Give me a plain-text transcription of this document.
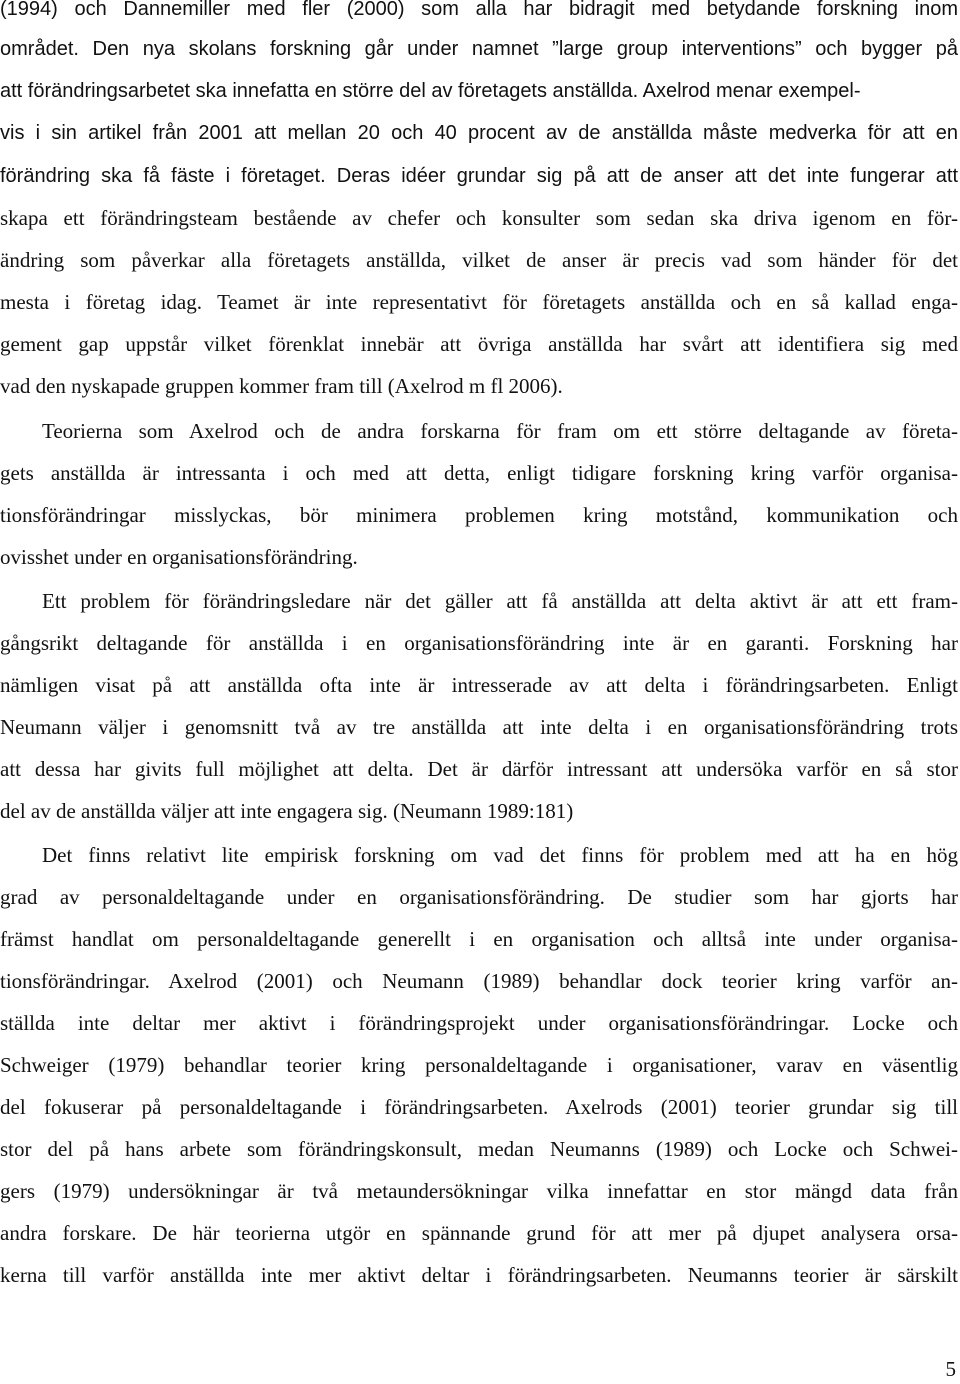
(1994) och Dannemiller med fler (2000) som alla har bidragit med betydande forskning inom
området. Den nya skolans forskning går under namnet ”large group interventions” och bygger på
att förändringsarbetet ska innefatta en större del av företagets anställda. Axelrod menar exempel-
vis i sin artikel från 2001 att mellan 20 och 40 procent av de anställda måste medverka för att en
förändring ska få fäste i företaget. Deras idéer grundar sig på att de anser att det inte fungerar att
skapa ett förändringsteam bestående av chefer och konsulter som sedan ska driva igenom en för-
ändring som påverkar alla företagets anställda, vilket de anser är precis vad som händer för det
mesta i företag idag. Teamet är inte representativt för företagets anställda och en så kallad enga-
gement gap uppstår vilket förenklat innebär att övriga anställda har svårt att identifiera sig med
vad den nyskapade gruppen kommer fram till (Axelrod m fl 2006).
Teorierna som Axelrod och de andra forskarna för fram om ett större deltagande av företa-
gets anställda är intressanta i och med att detta, enligt tidigare forskning kring varför organisa-
tionsförändringar misslyckas, bör minimera problemen kring motstånd, kommunikation och
ovisshet under en organisationsförändring.
Ett problem för förändringsledare när det gäller att få anställda att delta aktivt är att ett fram-
gångsrikt deltagande för anställda i en organisationsförändring inte är en garanti. Forskning har
nämligen visat på att anställda ofta inte är intresserade av att delta i förändringsarbeten. Enligt
Neumann väljer i genomsnitt två av tre anställda att inte delta i en organisationsförändring trots
att dessa har givits full möjlighet att delta. Det är därför intressant att undersöka varför en så stor
del av de anställda väljer att inte engagera sig. (Neumann 1989:181)
Det finns relativt lite empirisk forskning om vad det finns för problem med att ha en hög
grad av personaldeltagande under en organisationsförändring. De studier som har gjorts har
främst handlat om personaldeltagande generellt i en organisation och alltså inte under organisa-
tionsförändringar. Axelrod (2001) och Neumann (1989) behandlar dock teorier kring varför an-
ställda inte deltar mer aktivt i förändringsprojekt under organisationsförändringar. Locke och
Schweiger (1979) behandlar teorier kring personaldeltagande i organisationer, varav en väsentlig
del fokuserar på personaldeltagande i förändringsarbeten. Axelrods (2001) teorier grundar sig till
stor del på hans arbete som förändringskonsult, medan Neumanns (1989) och Locke och Schwei-
gers (1979) undersökningar är två metaundersökningar vilka innefattar en stor mängd data från
andra forskare. De här teorierna utgör en spännande grund för att mer på djupet analysera orsa-
kerna till varför anställda inte mer aktivt deltar i förändringsarbeten. Neumanns teorier är särskilt
5
